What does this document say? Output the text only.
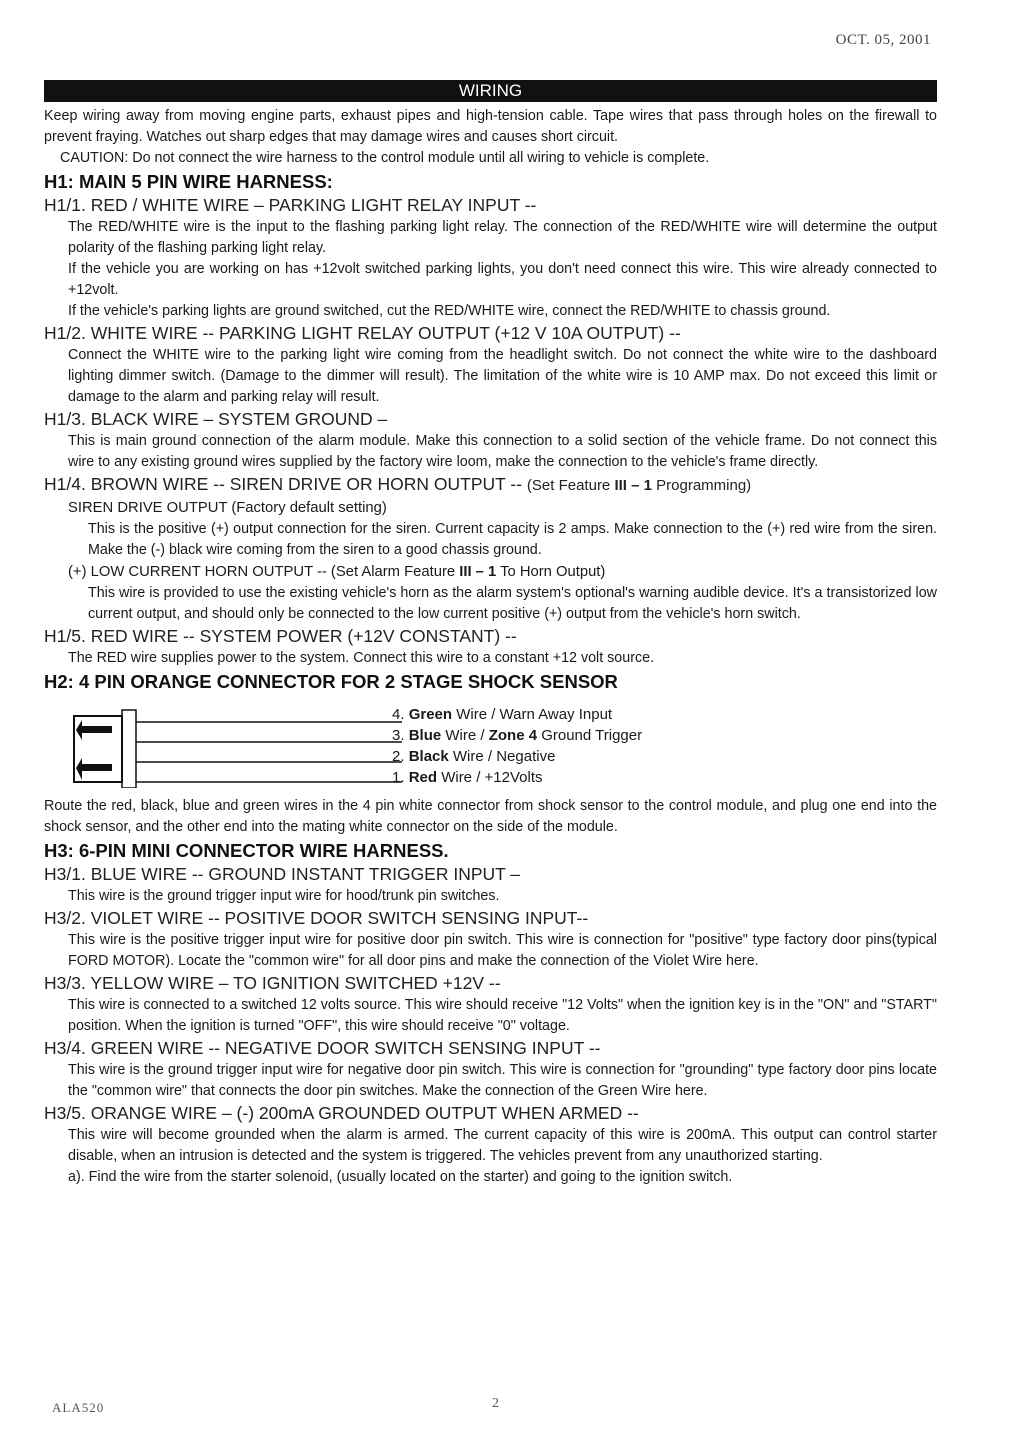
OCT. 05, 2001
WIRING

Keep wiring away from moving engine parts, exhaust pipes and high-tension cable. Tape wires that pass through holes on the firewall to prevent fraying. Watches out sharp edges that may damage wires and causes short circuit.

CAUTION: Do not connect the wire harness to the control module until all wiring to vehicle is complete.

H1: MAIN 5 PIN WIRE HARNESS:
H1/1. RED / WHITE WIRE – PARKING LIGHT RELAY INPUT --

The RED/WHITE wire is the input to the flashing parking light relay. The connection of the RED/WHITE wire will determine the output polarity of the flashing parking light relay.

If the vehicle you are working on has +12volt switched parking lights, you don't need connect this wire. This wire already connected to +12volt.

If the vehicle's parking lights are ground switched, cut the RED/WHITE wire, connect the RED/WHITE to chassis ground.

H1/2. WHITE WIRE -- PARKING LIGHT RELAY OUTPUT (+12 V 10A OUTPUT) --

Connect the WHITE wire to the parking light wire coming from the headlight switch. Do not connect the white wire to the dashboard lighting dimmer switch. (Damage to the dimmer will result). The limitation of the white wire is 10 AMP max. Do not exceed this limit or damage to the alarm and parking relay will result.

H1/3. BLACK WIRE – SYSTEM GROUND –

This is main ground connection of the alarm module. Make this connection to a solid section of the vehicle frame. Do not connect this wire to any existing ground wires supplied by the factory wire loom, make the connection to the vehicle's frame directly.

H1/4. BROWN WIRE -- SIREN DRIVE OR HORN OUTPUT -- (Set Feature III – 1 Programming)
SIREN DRIVE OUTPUT (Factory default setting)

This is the positive (+) output connection for the siren. Current capacity is 2 amps. Make connection to the (+) red wire from the siren. Make the (-) black wire coming from the siren to a good chassis ground.

(+) LOW CURRENT HORN OUTPUT -- (Set Alarm Feature III – 1 To Horn Output)

This wire is provided to use the existing vehicle's horn as the alarm system's optional's warning audible device. It's a transistorized low current output, and should only be connected to the low current positive (+) output from the vehicle's horn switch.

H1/5. RED WIRE -- SYSTEM POWER (+12V CONSTANT) --

The RED wire supplies power to the system. Connect this wire to a constant +12 volt source.

H2: 4 PIN ORANGE CONNECTOR FOR 2 STAGE SHOCK SENSOR
4. Green Wire / Warn Away Input
3. Blue Wire / Zone 4 Ground Trigger
2. Black Wire / Negative
1. Red Wire / +12Volts

Route the red, black, blue and green wires in the 4 pin white connector from shock sensor to the control module, and plug one end into the shock sensor, and the other end into the mating white connector on the side of the module.

H3: 6-PIN MINI CONNECTOR WIRE HARNESS.
H3/1. BLUE WIRE -- GROUND INSTANT TRIGGER INPUT –

This wire is the ground trigger input wire for hood/trunk pin switches.

H3/2. VIOLET WIRE -- POSITIVE DOOR SWITCH SENSING INPUT--

This wire is the positive trigger input wire for positive door pin switch. This wire is connection for "positive" type factory door pins(typical FORD MOTOR). Locate the "common wire" for all door pins and make the connection of the Violet Wire here.

H3/3. YELLOW WIRE – TO IGNITION SWITCHED +12V --

This wire is connected to a switched 12 volts source. This wire should receive "12 Volts" when the ignition key is in the "ON" and "START" position. When the ignition is turned "OFF", this wire should receive "0" voltage.

H3/4. GREEN WIRE -- NEGATIVE DOOR SWITCH SENSING INPUT --

This wire is the ground trigger input wire for negative door pin switch. This wire is connection for "grounding" type factory door pins locate the "common wire" that connects the door pin switches. Make the connection of the Green Wire here.

H3/5. ORANGE WIRE – (-) 200mA GROUNDED OUTPUT WHEN ARMED --

This wire will become grounded when the alarm is armed. The current capacity of this wire is 200mA. This output can control starter disable, when an intrusion is detected and the system is triggered. The vehicles prevent from any unauthorized starting.

a). Find the wire from the starter solenoid, (usually located on the starter) and going to the ignition switch.

ALA520	2
